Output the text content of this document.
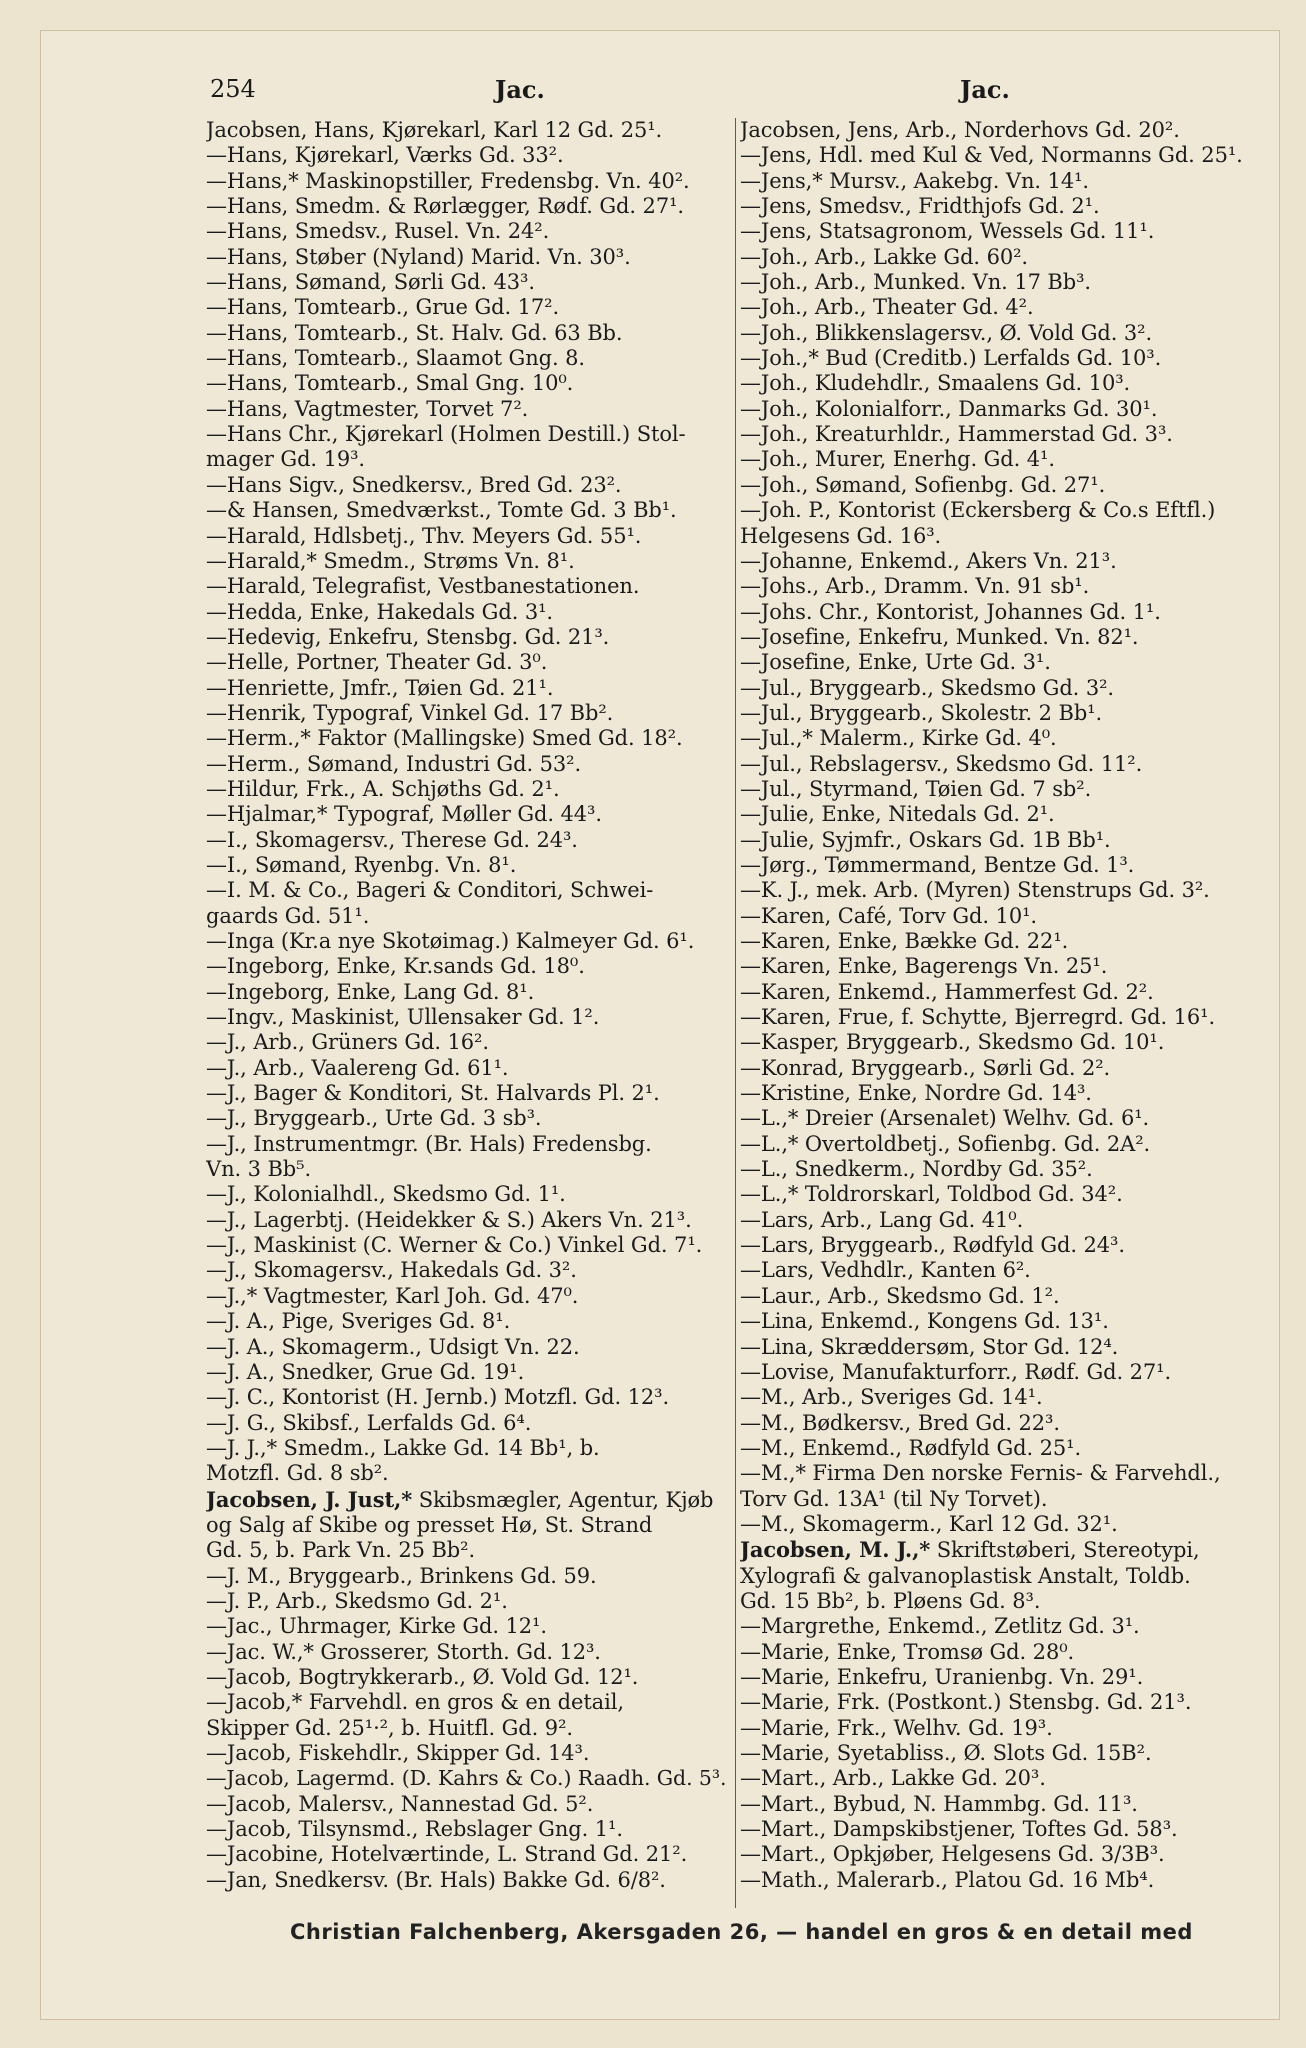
254	Jac.	Jac.
Jacobsen, Hans, Kjørekarl, Karl 12 Gd. 25¹.
—Hans, Kjørekarl, Værks Gd. 33².
—Hans,* Maskinopstiller, Fredensbg. Vn. 40².
—Hans, Smedm. & Rørlægger, Rødf. Gd. 27¹.
—Hans, Smedsv., Rusel. Vn. 24².
—Hans, Støber (Nyland) Marid. Vn. 30³.
—Hans, Sømand, Sørli Gd. 43³.
—Hans, Tomtearb., Grue Gd. 17².
—Hans, Tomtearb., St. Halv. Gd. 63 Bb.
—Hans, Tomtearb., Slaamot Gng. 8.
—Hans, Tomtearb., Smal Gng. 10⁰.
—Hans, Vagtmester, Torvet 7².
—Hans Chr., Kjørekarl (Holmen Destill.) Stol-
mager Gd. 19³.
—Hans Sigv., Snedkersv., Bred Gd. 23².
—& Hansen, Smedværkst., Tomte Gd. 3 Bb¹.
—Harald, Hdlsbetj., Thv. Meyers Gd. 55¹.
—Harald,* Smedm., Strøms Vn. 8¹.
—Harald, Telegrafist, Vestbanestationen.
—Hedda, Enke, Hakedals Gd. 3¹.
—Hedevig, Enkefru, Stensbg. Gd. 21³.
—Helle, Portner, Theater Gd. 3⁰.
—Henriette, Jmfr., Tøien Gd. 21¹.
—Henrik, Typograf, Vinkel Gd. 17 Bb².
—Herm.,* Faktor (Mallingske) Smed Gd. 18².
—Herm., Sømand, Industri Gd. 53².
—Hildur, Frk., A. Schjøths Gd. 2¹.
—Hjalmar,* Typograf, Møller Gd. 44³.
—I., Skomagersv., Therese Gd. 24³.
—I., Sømand, Ryenbg. Vn. 8¹.
—I. M. & Co., Bageri & Conditori, Schwei-
gaards Gd. 51¹.
—Inga (Kr.a nye Skotøimag.) Kalmeyer Gd. 6¹.
—Ingeborg, Enke, Kr.sands Gd. 18⁰.
—Ingeborg, Enke, Lang Gd. 8¹.
—Ingv., Maskinist, Ullensaker Gd. 1².
—J., Arb., Grüners Gd. 16².
—J., Arb., Vaalereng Gd. 61¹.
—J., Bager & Konditori, St. Halvards Pl. 2¹.
—J., Bryggearb., Urte Gd. 3 sb³.
—J., Instrumentmgr. (Br. Hals) Fredensbg.
Vn. 3 Bb⁵.
—J., Kolonialhdl., Skedsmo Gd. 1¹.
—J., Lagerbtj. (Heidekker & S.) Akers Vn. 21³.
—J., Maskinist (C. Werner & Co.) Vinkel Gd. 7¹.
—J., Skomagersv., Hakedals Gd. 3².
—J.,* Vagtmester, Karl Joh. Gd. 47⁰.
—J. A., Pige, Sveriges Gd. 8¹.
—J. A., Skomagerm., Udsigt Vn. 22.
—J. A., Snedker, Grue Gd. 19¹.
—J. C., Kontorist (H. Jernb.) Motzfl. Gd. 12³.
—J. G., Skibsf., Lerfalds Gd. 6⁴.
—J. J.,* Smedm., Lakke Gd. 14 Bb¹, b.
Motzfl. Gd. 8 sb².
Jacobsen, J. Just,* Skibsmægler, Agentur, Kjøb
og Salg af Skibe og presset Hø, St. Strand
Gd. 5, b. Park Vn. 25 Bb².
—J. M., Bryggearb., Brinkens Gd. 59.
—J. P., Arb., Skedsmo Gd. 2¹.
—Jac., Uhrmager, Kirke Gd. 12¹.
—Jac. W.,* Grosserer, Storth. Gd. 12³.
—Jacob, Bogtrykkerarb., Ø. Vold Gd. 12¹.
—Jacob,* Farvehdl. en gros & en detail,
Skipper Gd. 25¹·², b. Huitfl. Gd. 9².
—Jacob, Fiskehdlr., Skipper Gd. 14³.
—Jacob, Lagermd. (D. Kahrs & Co.) Raadh. Gd. 5³.
—Jacob, Malersv., Nannestad Gd. 5².
—Jacob, Tilsynsmd., Rebslager Gng. 1¹.
—Jacobine, Hotelværtinde, L. Strand Gd. 21².
—Jan, Snedkersv. (Br. Hals) Bakke Gd. 6/8².
Jacobsen, Jens, Arb., Norderhovs Gd. 20².
—Jens, Hdl. med Kul & Ved, Normanns Gd. 25¹.
—Jens,* Mursv., Aakebg. Vn. 14¹.
—Jens, Smedsv., Fridthjofs Gd. 2¹.
—Jens, Statsagronom, Wessels Gd. 11¹.
—Joh., Arb., Lakke Gd. 60².
—Joh., Arb., Munked. Vn. 17 Bb³.
—Joh., Arb., Theater Gd. 4².
—Joh., Blikkenslagersv., Ø. Vold Gd. 3².
—Joh.,* Bud (Creditb.) Lerfalds Gd. 10³.
—Joh., Kludehdlr., Smaalens Gd. 10³.
—Joh., Kolonialforr., Danmarks Gd. 30¹.
—Joh., Kreaturhldr., Hammerstad Gd. 3³.
—Joh., Murer, Enerhg. Gd. 4¹.
—Joh., Sømand, Sofienbg. Gd. 27¹.
—Joh. P., Kontorist (Eckersberg & Co.s Eftfl.)
Helgesens Gd. 16³.
—Johanne, Enkemd., Akers Vn. 21³.
—Johs., Arb., Dramm. Vn. 91 sb¹.
—Johs. Chr., Kontorist, Johannes Gd. 1¹.
—Josefine, Enkefru, Munked. Vn. 82¹.
—Josefine, Enke, Urte Gd. 3¹.
—Jul., Bryggearb., Skedsmo Gd. 3².
—Jul., Bryggearb., Skolestr. 2 Bb¹.
—Jul.,* Malerm., Kirke Gd. 4⁰.
—Jul., Rebslagersv., Skedsmo Gd. 11².
—Jul., Styrmand, Tøien Gd. 7 sb².
—Julie, Enke, Nitedals Gd. 2¹.
—Julie, Syjmfr., Oskars Gd. 1B Bb¹.
—Jørg., Tømmermand, Bentze Gd. 1³.
—K. J., mek. Arb. (Myren) Stenstrups Gd. 3².
—Karen, Café, Torv Gd. 10¹.
—Karen, Enke, Bække Gd. 22¹.
—Karen, Enke, Bagerengs Vn. 25¹.
—Karen, Enkemd., Hammerfest Gd. 2².
—Karen, Frue, f. Schytte, Bjerregrd. Gd. 16¹.
—Kasper, Bryggearb., Skedsmo Gd. 10¹.
—Konrad, Bryggearb., Sørli Gd. 2².
—Kristine, Enke, Nordre Gd. 14³.
—L.,* Dreier (Arsenalet) Welhv. Gd. 6¹.
—L.,* Overtoldbetj., Sofienbg. Gd. 2A².
—L., Snedkerm., Nordby Gd. 35².
—L.,* Toldrorskarl, Toldbod Gd. 34².
—Lars, Arb., Lang Gd. 41⁰.
—Lars, Bryggearb., Rødfyld Gd. 24³.
—Lars, Vedhdlr., Kanten 6².
—Laur., Arb., Skedsmo Gd. 1².
—Lina, Enkemd., Kongens Gd. 13¹.
—Lina, Skræddersøm, Stor Gd. 12⁴.
—Lovise, Manufakturforr., Rødf. Gd. 27¹.
—M., Arb., Sveriges Gd. 14¹.
—M., Bødkersv., Bred Gd. 22³.
—M., Enkemd., Rødfyld Gd. 25¹.
—M.,* Firma Den norske Fernis- & Farvehdl.,
Torv Gd. 13A¹ (til Ny Torvet).
—M., Skomagerm., Karl 12 Gd. 32¹.
Jacobsen, M. J.,* Skriftstøberi, Stereotypi,
Xylografi & galvanoplastisk Anstalt, Toldb.
Gd. 15 Bb², b. Pløens Gd. 8³.
—Margrethe, Enkemd., Zetlitz Gd. 3¹.
—Marie, Enke, Tromsø Gd. 28⁰.
—Marie, Enkefru, Uranienbg. Vn. 29¹.
—Marie, Frk. (Postkont.) Stensbg. Gd. 21³.
—Marie, Frk., Welhv. Gd. 19³.
—Marie, Syetabliss., Ø. Slots Gd. 15B².
—Mart., Arb., Lakke Gd. 20³.
—Mart., Bybud, N. Hammbg. Gd. 11³.
—Mart., Dampskibstjener, Toftes Gd. 58³.
—Mart., Opkjøber, Helgesens Gd. 3/3B³.
—Math., Malerarb., Platou Gd. 16 Mb⁴.
Christian Falchenberg, Akersgaden 26, — handel en gros & en detail med
